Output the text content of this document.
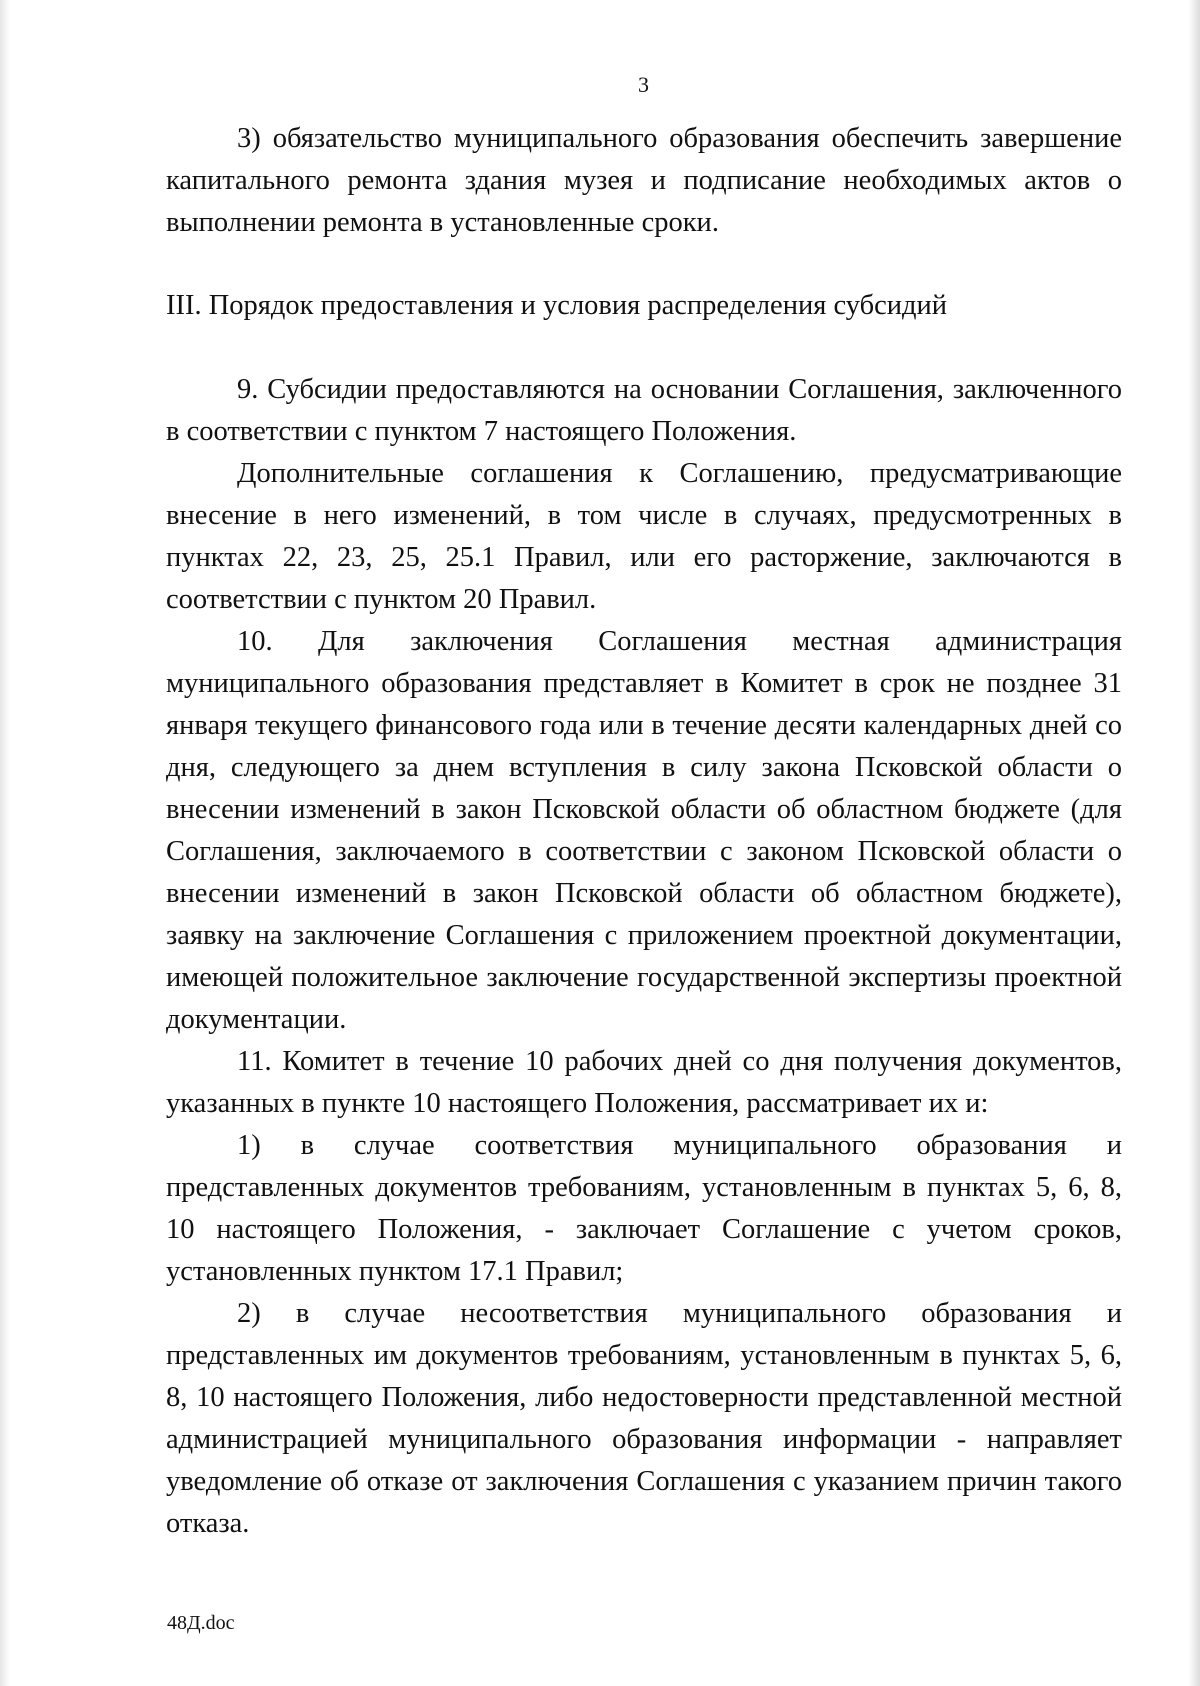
3

3) обязательство муниципального образования обеспечить завершение капитального ремонта здания музея и подписание необходимых актов о выполнении ремонта в установленные сроки.

III. Порядок предоставления и условия распределения субсидий

9. Субсидии предоставляются на основании Соглашения, заключенного в соответствии с пунктом 7 настоящего Положения.

Дополнительные соглашения к Соглашению, предусматривающие внесение в него изменений, в том числе в случаях, предусмотренных в пунктах 22, 23, 25, 25.1 Правил, или его расторжение, заключаются в соответствии с пунктом 20 Правил.

10. Для заключения Соглашения местная администрация муниципального образования представляет в Комитет в срок не позднее 31 января текущего финансового года или в течение десяти календарных дней со дня, следующего за днем вступления в силу закона Псковской области о внесении изменений в закон Псковской области об областном бюджете (для Соглашения, заключаемого в соответствии с законом Псковской области о внесении изменений в закон Псковской области об областном бюджете), заявку на заключение Соглашения с приложением проектной документации, имеющей положительное заключение государственной экспертизы проектной документации.

11. Комитет в течение 10 рабочих дней со дня получения документов, указанных в пункте 10 настоящего Положения, рассматривает их и:

1) в случае соответствия муниципального образования и представленных документов требованиям, установленным в пунктах 5, 6, 8, 10 настоящего Положения, - заключает Соглашение с учетом сроков, установленных пунктом 17.1 Правил;

2) в случае несоответствия муниципального образования и представленных им документов требованиям, установленным в пунктах 5, 6, 8, 10 настоящего Положения, либо недостоверности представленной местной администрацией муниципального образования информации - направляет уведомление об отказе от заключения Соглашения с указанием причин такого отказа.

48Д.doc
